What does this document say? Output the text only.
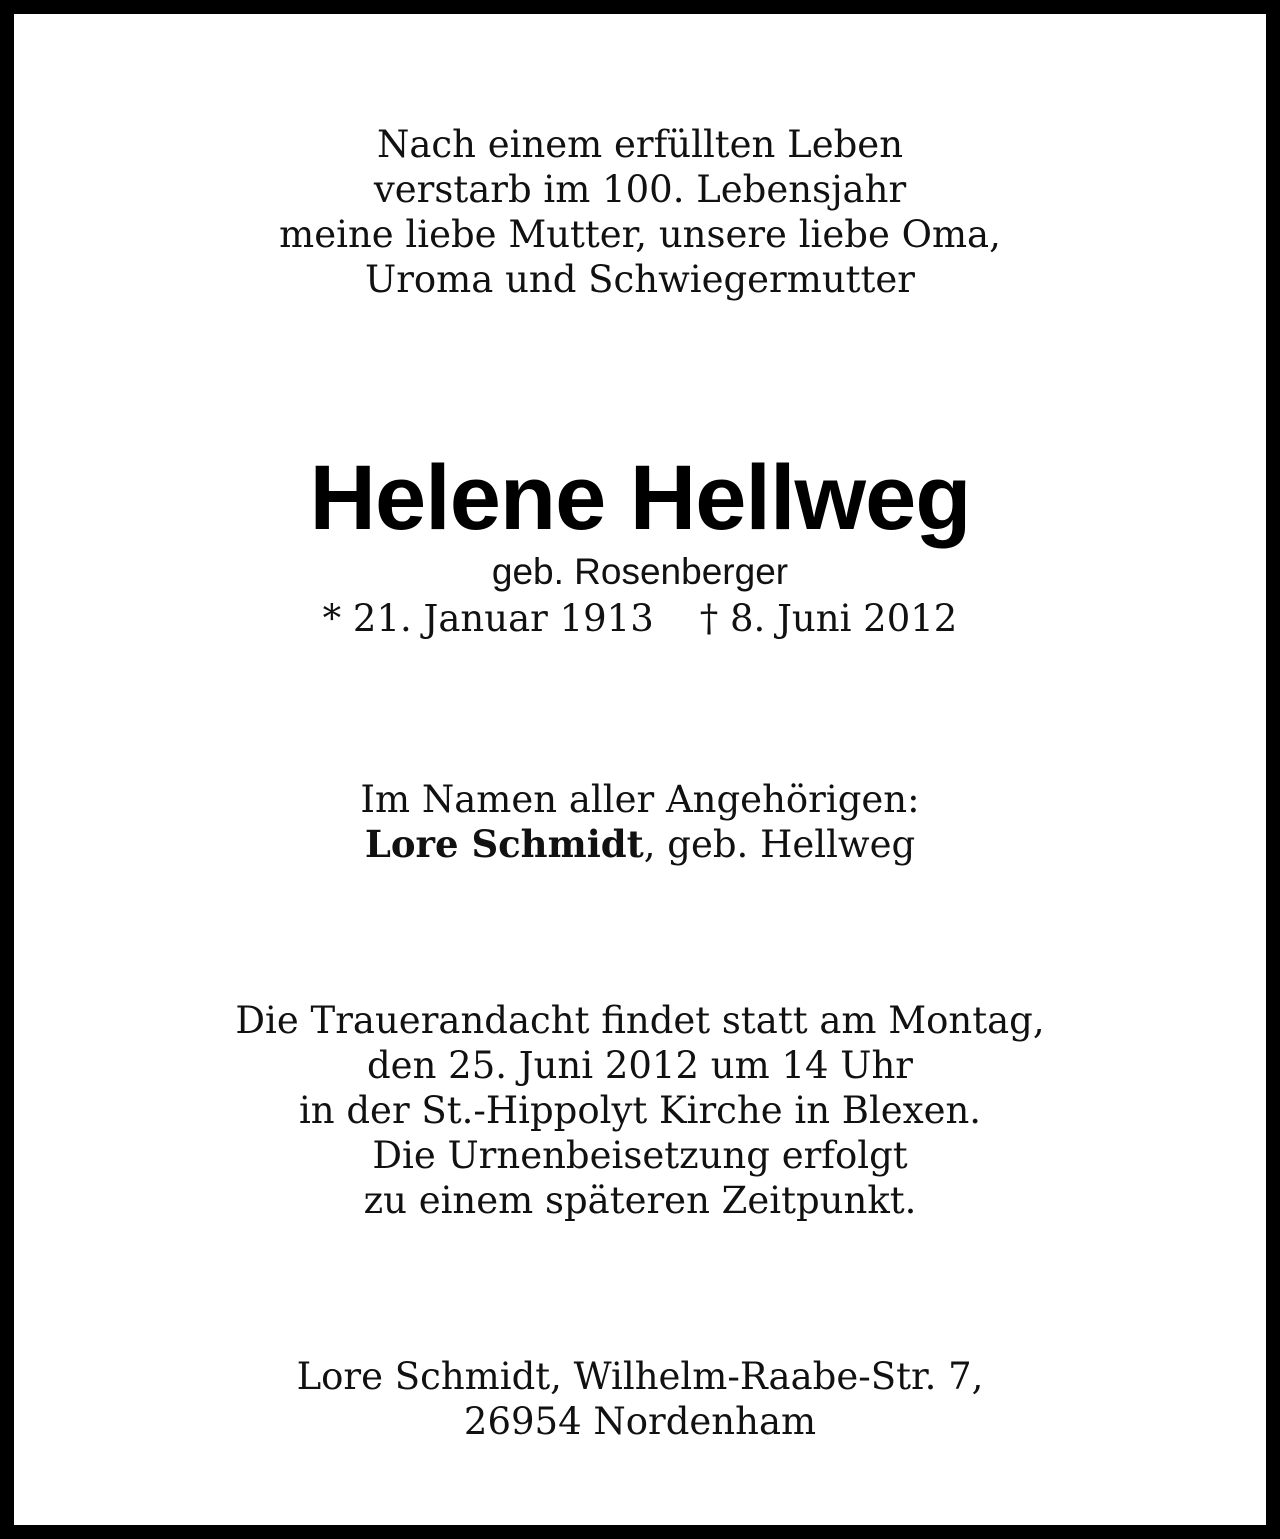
Nach einem erfüllten Leben
verstarb im 100. Lebensjahr
meine liebe Mutter, unsere liebe Oma,
Uroma und Schwiegermutter
Helene Hellweg
geb. Rosenberger
* 21. Januar 1913 † 8. Juni 2012
Im Namen aller Angehörigen:
Lore Schmidt, geb. Hellweg
Die Trauerandacht findet statt am Montag,
den 25. Juni 2012 um 14 Uhr
in der St.-Hippolyt Kirche in Blexen.
Die Urnenbeisetzung erfolgt
zu einem späteren Zeitpunkt.
Lore Schmidt, Wilhelm-Raabe-Str. 7,
26954 Nordenham
